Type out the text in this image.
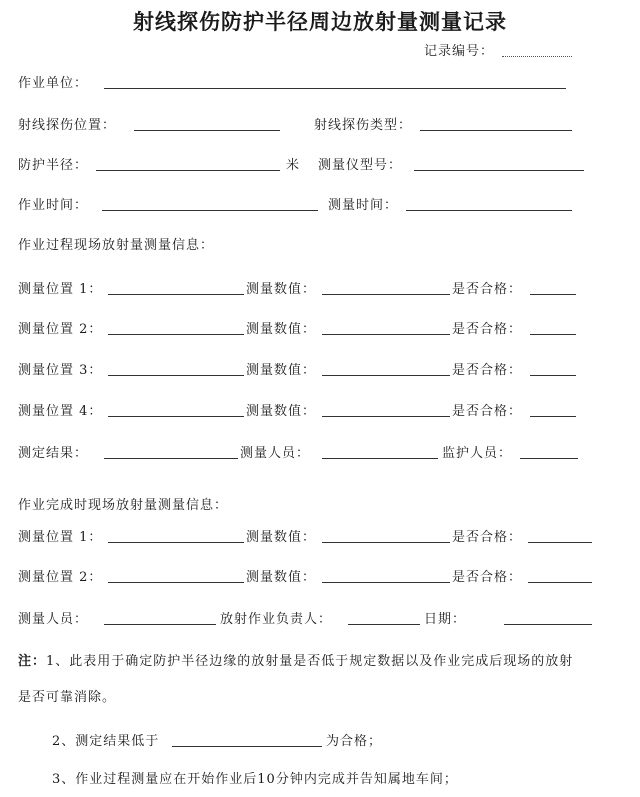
射线探伤防护半径周边放射量测量记录
记录编号：
作业单位：
射线探伤位置：	射线探伤类型：
防护半径：	米 测量仪型号：
作业时间：	测量时间：
作业过程现场放射量测量信息：
测量位置 1：	测量数值：	是否合格：
测量位置 2：	测量数值：	是否合格：
测量位置 3：	测量数值：	是否合格：
测量位置 4：	测量数值：	是否合格：
测定结果：	测量人员：	监护人员：
作业完成时现场放射量测量信息：
测量位置 1：	测量数值：	是否合格：
测量位置 2：	测量数值：	是否合格：
测量人员：	放射作业负责人：	日期：
注： 1、此表用于确定防护半径边缘的放射量是否低于规定数据以及作业完成后现场的放射
是否可靠消除。
2、测定结果低于	为合格；
3、作业过程测量应在开始作业后10分钟内完成并告知属地车间；
